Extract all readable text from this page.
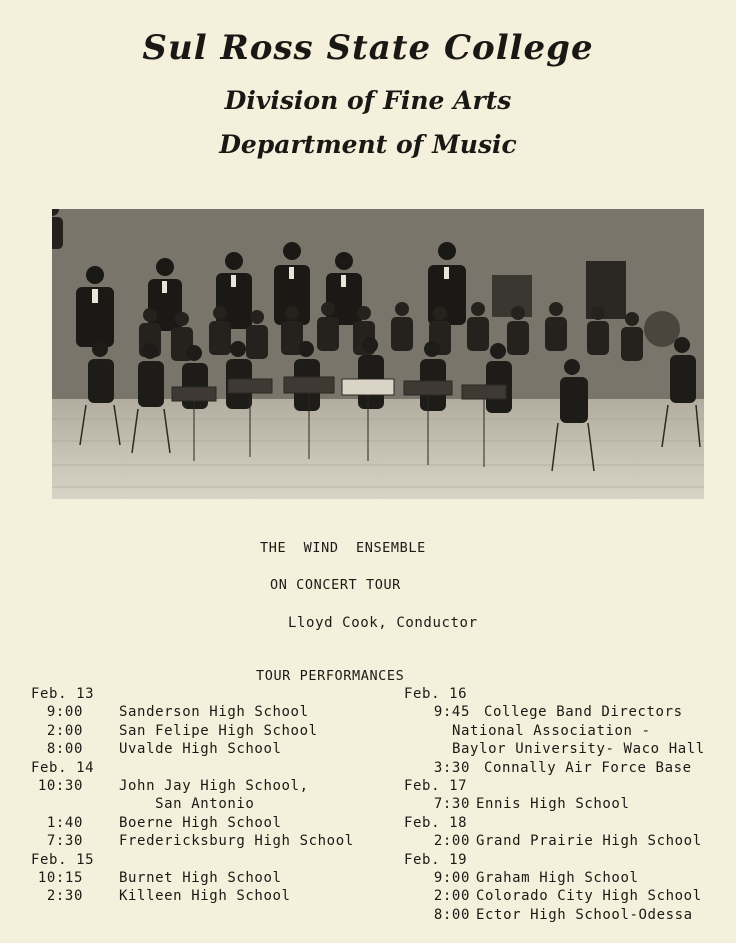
Sul Ross State College
Division of Fine Arts
Department of Music
THE  WIND  ENSEMBLE
ON CONCERT TOUR
Lloyd Cook, Conductor
TOUR PERFORMANCES
Feb. 13
9:00	Sanderson High School
2:00	San Felipe High School
8:00	Uvalde High School
Feb. 14
10:30	John Jay High School,
San Antonio
1:40	Boerne High School
7:30	Fredericksburg High School
Feb. 15
10:15	Burnet High School
2:30	Killeen High School
Feb. 16
9:45 College Band Directors
National Association -
Baylor University- Waco Hall
3:30 Connally Air Force Base
Feb. 17
7:30 Ennis High School
Feb. 18
2:00 Grand Prairie High School
Feb. 19
9:00 Graham High School
2:00 Colorado City High School
8:00 Ector High School-Odessa
